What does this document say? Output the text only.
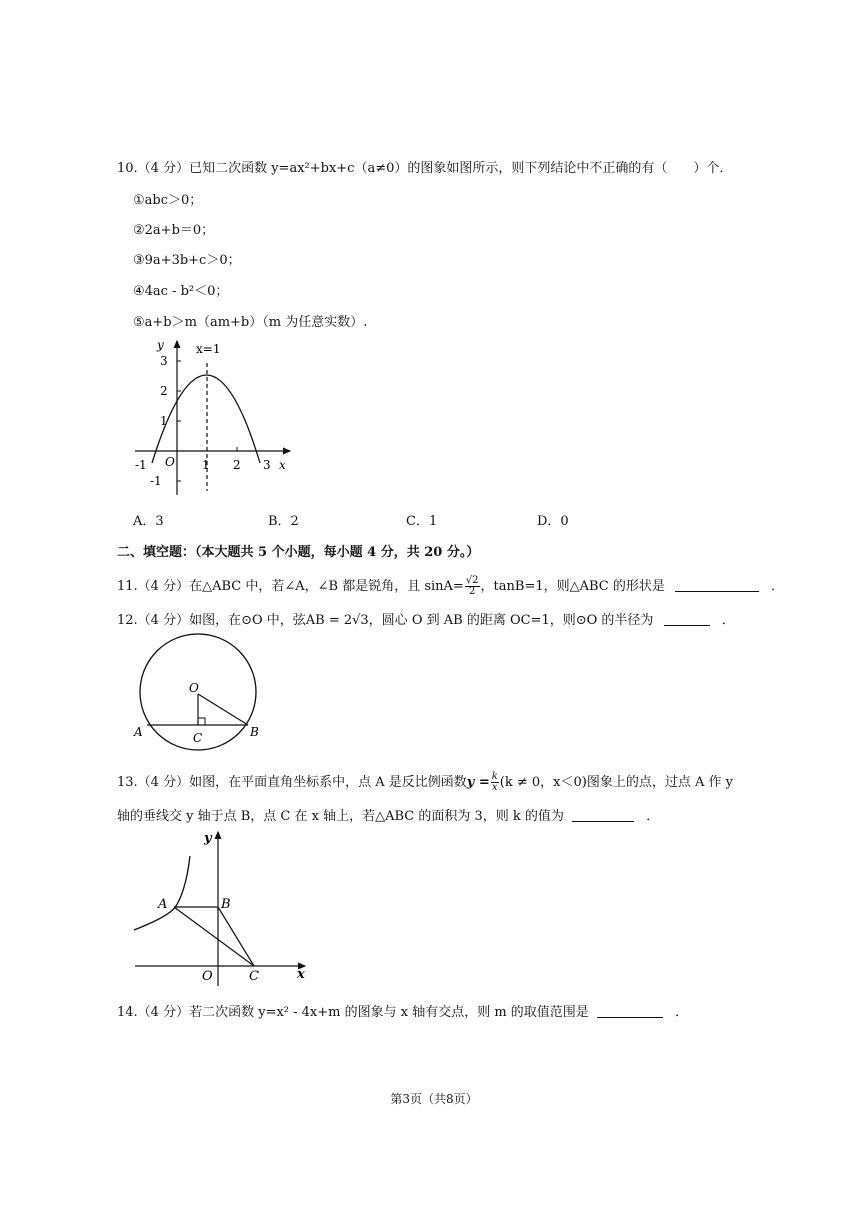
10.（4 分）已知二次函数 y=ax²+bx+c（a≠0）的图象如图所示，则下列结论中不正确的有（　　）个．
①abc＞0；
②2a+b＝0；
③9a+3b+c＞0；
④4ac - b²＜0；
⑤a+b＞m（am+b）（m 为任意实数）.
y	x=1
3
2
1
-1
-1 O 1 2 3 x
A．3	B．2	C．1	D．0
二、填空题：（本大题共 5 个小题，每小题 4 分，共 20 分。）
11.（4 分）在△ABC 中，若∠A，∠B 都是锐角，且 $\sin A= \frac{√2}{2}$ ，tanB=1，则△ABC 的形状是	．
12.（4 分）如图，在⊙O 中，弦AB = 2√3，圆心 O 到 AB 的距离 OC=1，则⊙O 的半径为	．
O
A	B
C
13.（4 分）如图，在平面直角坐标系中，点 A 是反比例函数$y = \frac{k}{x} (k \ne 0$，x＜0)图象上的点，过点 A 作 y
轴的垂线交 y 轴于点 B，点 C 在 x 轴上，若△ABC 的面积为 3，则 k 的值为	．
y
A	B
O	C	x
14.（4 分）若二次函数 y=x² - 4x+m 的图象与 x 轴有交点，则 m 的取值范围是	．
第3页（共8页）
